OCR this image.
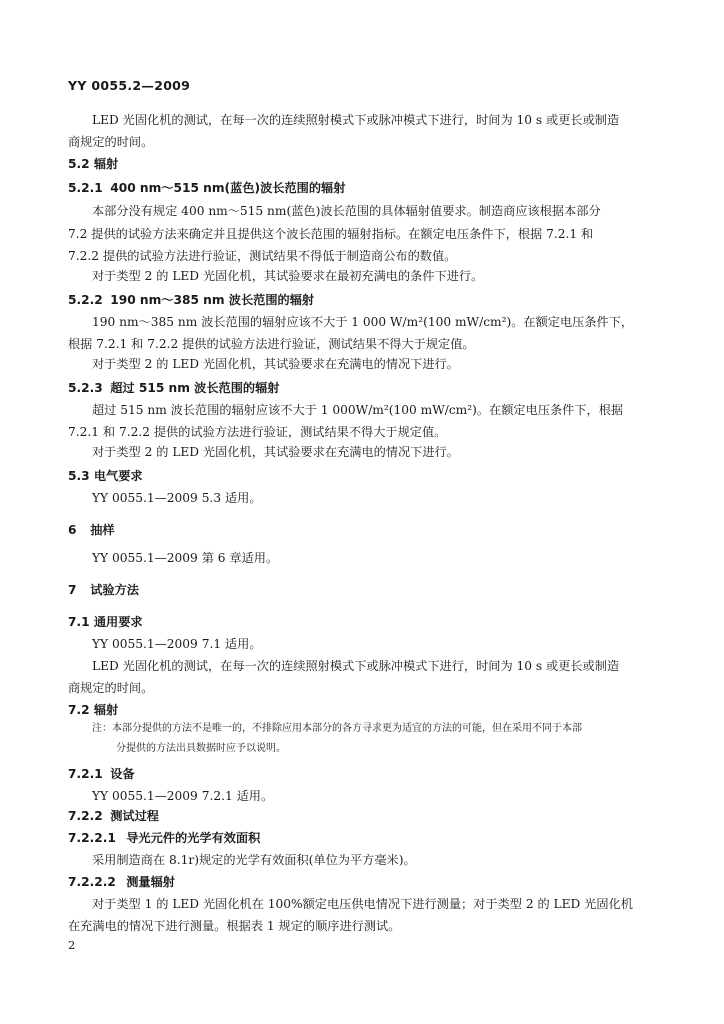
YY 0055.2—2009
LED 光固化机的测试，在每一次的连续照射模式下或脉冲模式下进行，时间为 10 s 或更长或制造
商规定的时间。
5.2 辐射
5.2.1 400 nm～515 nm(蓝色)波长范围的辐射
本部分没有规定 400 nm～515 nm(蓝色)波长范围的具体辐射值要求。制造商应该根据本部分
7.2 提供的试验方法来确定并且提供这个波长范围的辐射指标。在额定电压条件下，根据 7.2.1 和
7.2.2 提供的试验方法进行验证，测试结果不得低于制造商公布的数值。
对于类型 2 的 LED 光固化机，其试验要求在最初充满电的条件下进行。
5.2.2 190 nm～385 nm 波长范围的辐射
190 nm～385 nm 波长范围的辐射应该不大于 1 000 W/m²(100 mW/cm²)。在额定电压条件下，
根据 7.2.1 和 7.2.2 提供的试验方法进行验证，测试结果不得大于规定值。
对于类型 2 的 LED 光固化机，其试验要求在充满电的情况下进行。
5.2.3 超过 515 nm 波长范围的辐射
超过 515 nm 波长范围的辐射应该不大于 1 000W/m²(100 mW/cm²)。在额定电压条件下，根据
7.2.1 和 7.2.2 提供的试验方法进行验证，测试结果不得大于规定值。
对于类型 2 的 LED 光固化机，其试验要求在充满电的情况下进行。
5.3 电气要求
YY 0055.1—2009 5.3 适用。
6 抽样
YY 0055.1—2009 第 6 章适用。
7 试验方法
7.1 通用要求
YY 0055.1—2009 7.1 适用。
LED 光固化机的测试，在每一次的连续照射模式下或脉冲模式下进行，时间为 10 s 或更长或制造
商规定的时间。
7.2 辐射
注：本部分提供的方法不是唯一的，不排除应用本部分的各方寻求更为适宜的方法的可能，但在采用不同于本部
分提供的方法出具数据时应予以说明。
7.2.1 设备
YY 0055.1—2009 7.2.1 适用。
7.2.2 测试过程
7.2.2.1 导光元件的光学有效面积
采用制造商在 8.1r)规定的光学有效面积(单位为平方毫米)。
7.2.2.2 测量辐射
对于类型 1 的 LED 光固化机在 100%额定电压供电情况下进行测量；对于类型 2 的 LED 光固化机
在充满电的情况下进行测量。根据表 1 规定的顺序进行测试。
2
